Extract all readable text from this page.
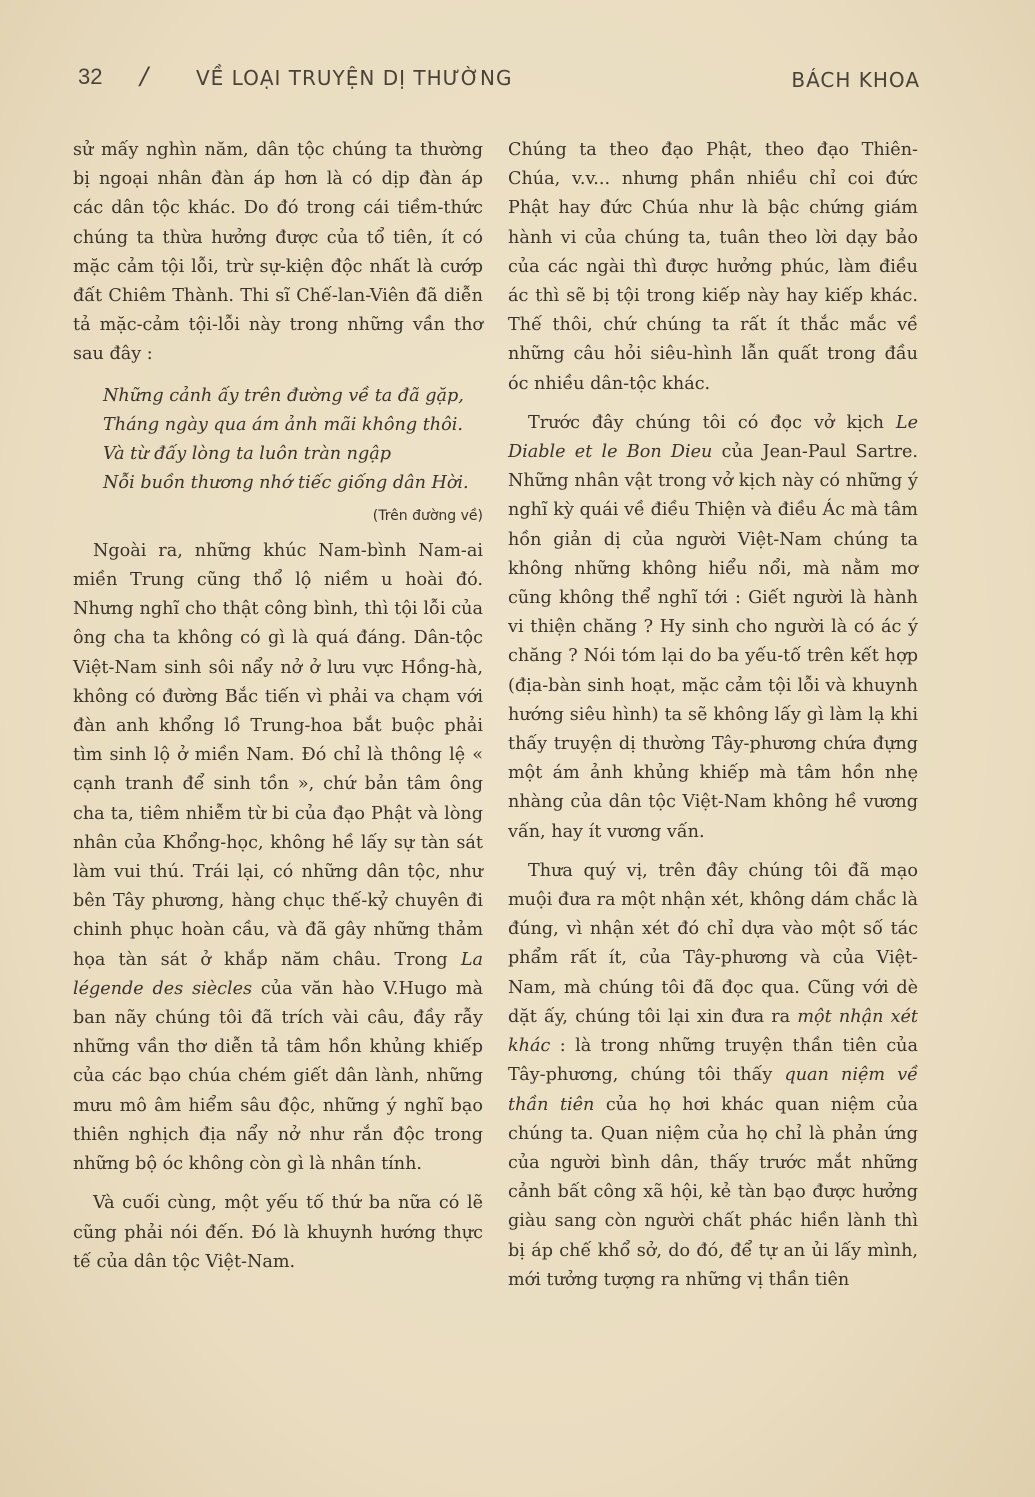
32 / VỀ LOẠI TRUYỆN DỊ THƯỜNG	BÁCH KHOA

sử mấy nghìn năm, dân tộc chúng ta thường bị ngoại nhân đàn áp hơn là có dịp đàn áp các dân tộc khác. Do đó trong cái tiềm-thức chúng ta thừa hưởng được của tổ tiên, ít có mặc cảm tội lỗi, trừ sự-kiện độc nhất là cướp đất Chiêm Thành. Thi sĩ Chế-lan-Viên đã diễn tả mặc-cảm tội-lỗi này trong những vần thơ sau đây :

Những cảnh ấy trên đường về ta đã gặp,
Tháng ngày qua ám ảnh mãi không thôi.
Và từ đấy lòng ta luôn tràn ngập
Nỗi buồn thương nhớ tiếc giống dân Hời.
(Trên đường về)

Ngoài ra, những khúc Nam-bình Nam-ai miền Trung cũng thổ lộ niềm u hoài đó. Nhưng nghĩ cho thật công bình, thì tội lỗi của ông cha ta không có gì là quá đáng. Dân-tộc Việt-Nam sinh sôi nẩy nở ở lưu vực Hồng-hà, không có đường Bắc tiến vì phải va chạm với đàn anh khổng lồ Trung-hoa bắt buộc phải tìm sinh lộ ở miền Nam. Đó chỉ là thông lệ « cạnh tranh để sinh tồn », chứ bản tâm ông cha ta, tiêm nhiễm từ bi của đạo Phật và lòng nhân của Khổng-học, không hề lấy sự tàn sát làm vui thú. Trái lại, có những dân tộc, như bên Tây phương, hàng chục thế-kỷ chuyên đi chinh phục hoàn cầu, và đã gây những thảm họa tàn sát ở khắp năm châu. Trong La légende des siècles của văn hào V.Hugo mà ban nãy chúng tôi đã trích vài câu, đầy rẫy những vần thơ diễn tả tâm hồn khủng khiếp của các bạo chúa chém giết dân lành, những mưu mô âm hiểm sâu độc, những ý nghĩ bạo thiên nghịch địa nẩy nở như rắn độc trong những bộ óc không còn gì là nhân tính.

Và cuối cùng, một yếu tố thứ ba nữa có lẽ cũng phải nói đến. Đó là khuynh hướng thực tế của dân tộc Việt-Nam.

Chúng ta theo đạo Phật, theo đạo Thiên-Chúa, v.v... nhưng phần nhiều chỉ coi đức Phật hay đức Chúa như là bậc chứng giám hành vi của chúng ta, tuân theo lời dạy bảo của các ngài thì được hưởng phúc, làm điều ác thì sẽ bị tội trong kiếp này hay kiếp khác. Thế thôi, chứ chúng ta rất ít thắc mắc về những câu hỏi siêu-hình lẫn quất trong đầu óc nhiều dân-tộc khác.

Trước đây chúng tôi có đọc vở kịch Le Diable et le Bon Dieu của Jean-Paul Sartre. Những nhân vật trong vở kịch này có những ý nghĩ kỳ quái về điều Thiện và điều Ác mà tâm hồn giản dị của người Việt-Nam chúng ta không những không hiểu nổi, mà nằm mơ cũng không thể nghĩ tới : Giết người là hành vi thiện chăng ? Hy sinh cho người là có ác ý chăng ? Nói tóm lại do ba yếu-tố trên kết hợp (địa-bàn sinh hoạt, mặc cảm tội lỗi và khuynh hướng siêu hình) ta sẽ không lấy gì làm lạ khi thấy truyện dị thường Tây-phương chứa đựng một ám ảnh khủng khiếp mà tâm hồn nhẹ nhàng của dân tộc Việt-Nam không hề vương vấn, hay ít vương vấn.

Thưa quý vị, trên đây chúng tôi đã mạo muội đưa ra một nhận xét, không dám chắc là đúng, vì nhận xét đó chỉ dựa vào một số tác phẩm rất ít, của Tây-phương và của Việt-Nam, mà chúng tôi đã đọc qua. Cũng với dè dặt ấy, chúng tôi lại xin đưa ra một nhận xét khác : là trong những truyện thần tiên của Tây-phương, chúng tôi thấy quan niệm về thần tiên của họ hơi khác quan niệm của chúng ta. Quan niệm của họ chỉ là phản ứng của người bình dân, thấy trước mắt những cảnh bất công xã hội, kẻ tàn bạo được hưởng giàu sang còn người chất phác hiền lành thì bị áp chế khổ sở, do đó, để tự an ủi lấy mình, mới tưởng tượng ra những vị thần tiên
